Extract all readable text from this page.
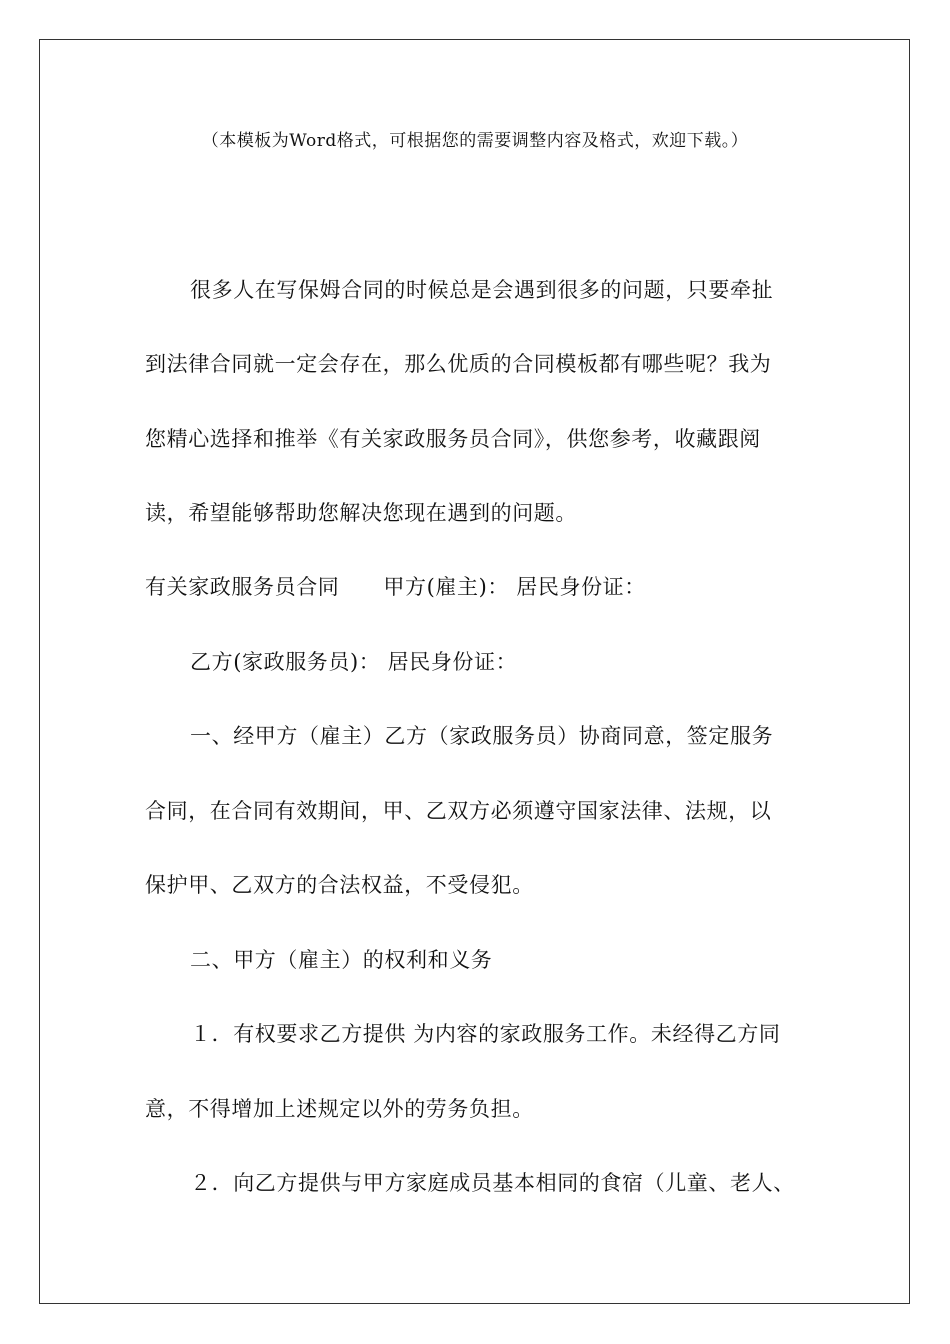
（本模板为Word格式，可根据您的需要调整内容及格式，欢迎下载。）
很多人在写保姆合同的时候总是会遇到很多的问题，只要牵扯
到法律合同就一定会存在，那么优质的合同模板都有哪些呢？我为
您精心选择和推举《有关家政服务员合同》，供您参考，收藏跟阅
读，希望能够帮助您解决您现在遇到的问题。
有关家政服务员合同 甲方(雇主)： 居民身份证：
乙方(家政服务员)： 居民身份证：
一、经甲方（雇主）乙方（家政服务员）协商同意，签定服务
合同，在合同有效期间，甲、乙双方必须遵守国家法律、法规，以
保护甲、乙双方的合法权益，不受侵犯。
二、甲方（雇主）的权利和义务
１．有权要求乙方提供 为内容的家政服务工作。未经得乙方同
意，不得增加上述规定以外的劳务负担。
２．向乙方提供与甲方家庭成员基本相同的食宿（儿童、老人、
